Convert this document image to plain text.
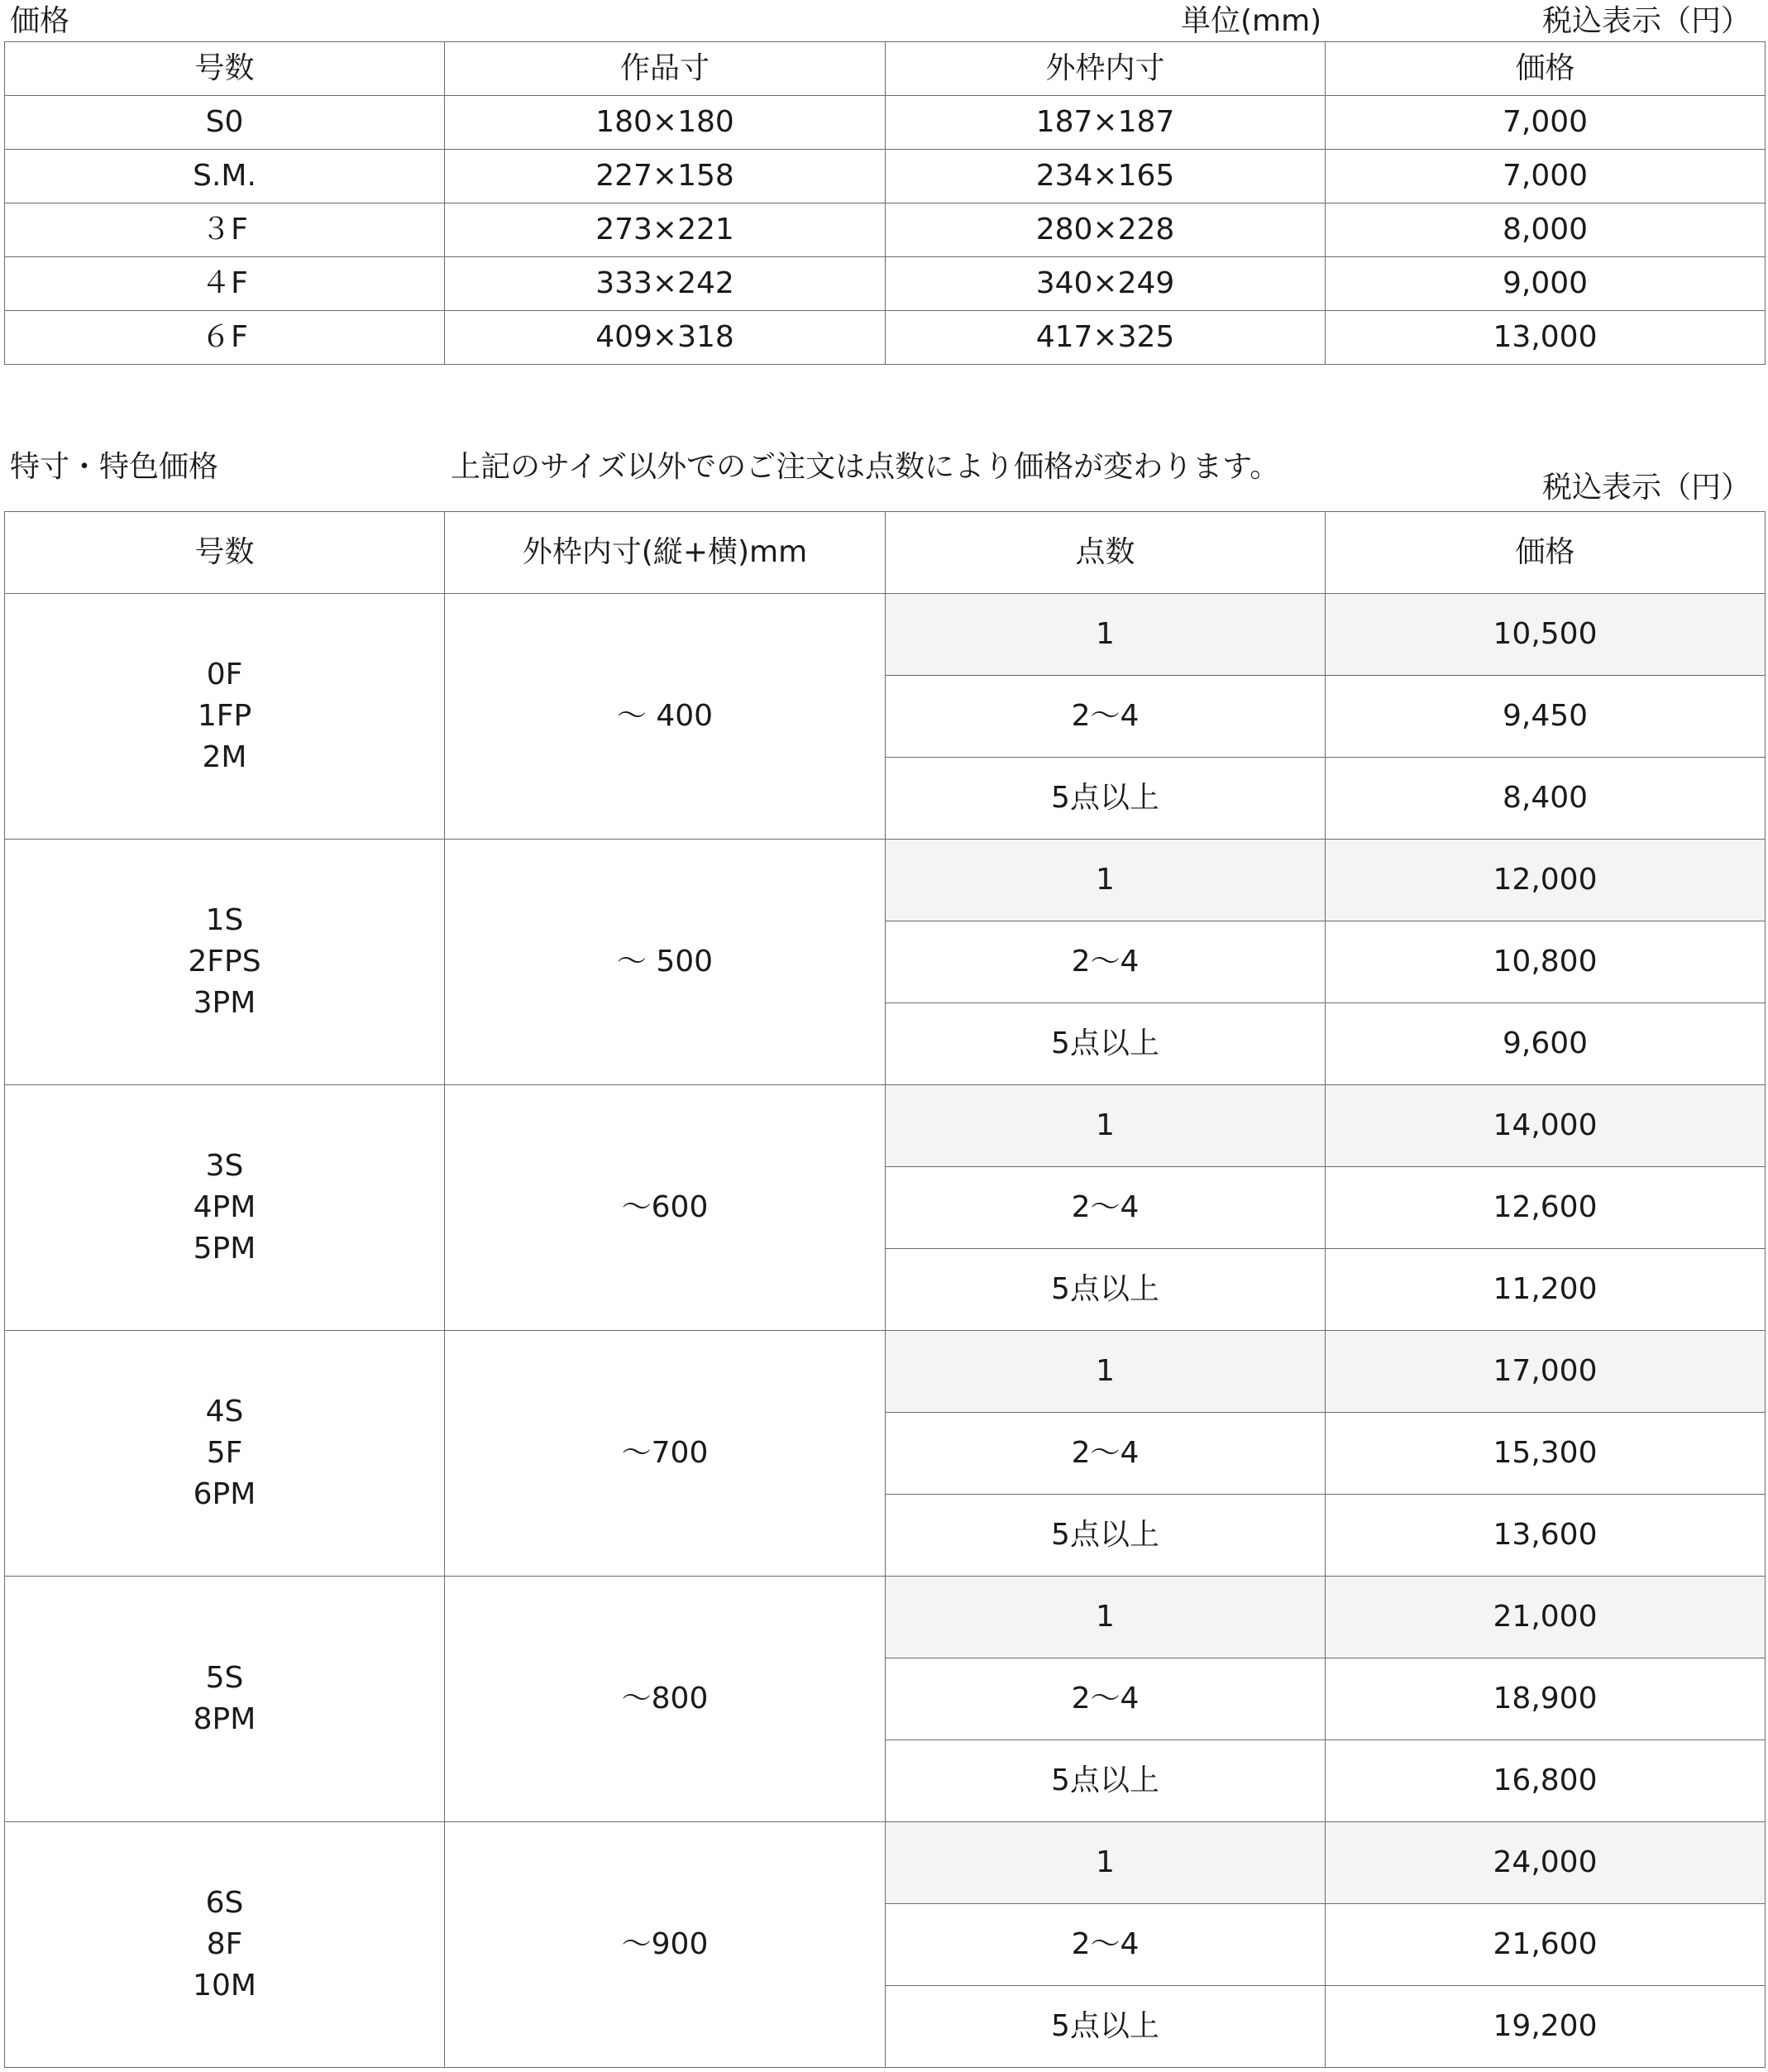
価格	単位(mm)	税込表示（円）
号数	作品寸	外枠内寸	価格
S0	180×180	187×187	7,000
S.M.	227×158	234×165	7,000
３F	273×221	280×228	8,000
４F	333×242	340×249	9,000
６F	409×318	417×325	13,000
特寸・特色価格	上記のサイズ以外でのご注文は点数により価格が変わります。
税込表示（円）
号数	外枠内寸(縦+横)mm	点数	価格

0F
1FP
2M	〜 400	1	10,500
		2〜4	9,450
		5点以上	8,400

1S
2FPS
3PM	〜 500	1	12,000
		2〜4	10,800
		5点以上	9,600

3S
4PM
5PM	〜600	1	14,000
		2〜4	12,600
		5点以上	11,200

4S
5F
6PM	〜700	1	17,000
		2〜4	15,300
		5点以上	13,600

5S
8PM	〜800	1	21,000
		2〜4	18,900
		5点以上	16,800

6S
8F
10M	〜900	1	24,000
		2〜4	21,600
		5点以上	19,200
